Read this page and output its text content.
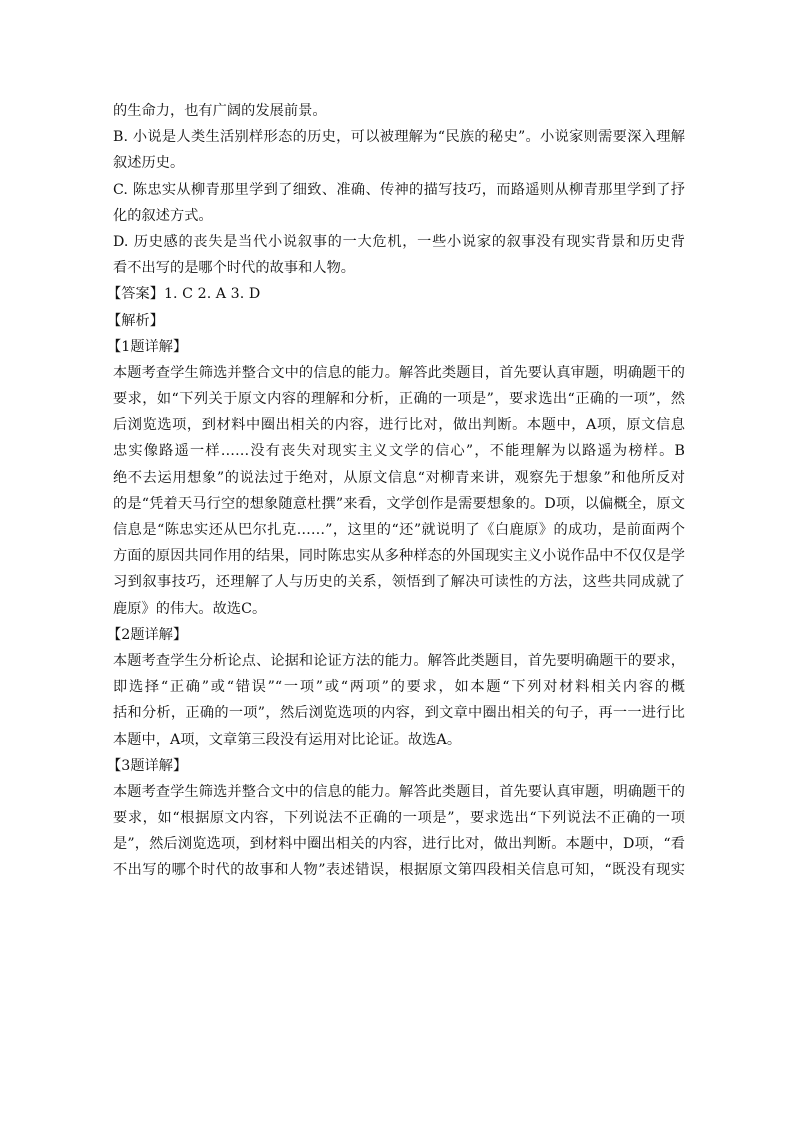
的生命力，也有广阔的发展前景。
B. 小说是人类生活别样形态的历史，可以被理解为“民族的秘史”。小说家则需要深入理解
叙述历史。
C. 陈忠实从柳青那里学到了细致、准确、传神的描写技巧，而路遥则从柳青那里学到了抒
化的叙述方式。
D. 历史感的丧失是当代小说叙事的一大危机，一些小说家的叙事没有现实背景和历史背
看不出写的是哪个时代的故事和人物。
【答案】1. C 2. A 3. D
【解析】
【1题详解】
本题考查学生筛选并整合文中的信息的能力。解答此类题目，首先要认真审题，明确题干的
要求，如“下列关于原文内容的理解和分析，正确的一项是”，要求选出“正确的一项”，然
后浏览选项，到材料中圈出相关的内容，进行比对，做出判断。本题中，A项，原文信息
忠实像路遥一样……没有丧失对现实主义文学的信心”，不能理解为以路遥为榜样。B
绝不去运用想象”的说法过于绝对，从原文信息“对柳青来讲，观察先于想象”和他所反对
的是“凭着天马行空的想象随意杜撰”来看，文学创作是需要想象的。D项，以偏概全，原文
信息是“陈忠实还从巴尔扎克……”，这里的“还”就说明了《白鹿原》的成功，是前面两个
方面的原因共同作用的结果，同时陈忠实从多种样态的外国现实主义小说作品中不仅仅是学
习到叙事技巧，还理解了人与历史的关系，领悟到了解决可读性的方法，这些共同成就了
鹿原》的伟大。故选C。
【2题详解】
本题考查学生分析论点、论据和论证方法的能力。解答此类题目，首先要明确题干的要求，
即选择“正确”或“错误”“一项”或“两项”的要求，如本题“下列对材料相关内容的概
括和分析，正确的一项”，然后浏览选项的内容，到文章中圈出相关的句子，再一一进行比
本题中，A项，文章第三段没有运用对比论证。故选A。
【3题详解】
本题考查学生筛选并整合文中的信息的能力。解答此类题目，首先要认真审题，明确题干的
要求，如“根据原文内容，下列说法不正确的一项是”，要求选出“下列说法不正确的一项
是”，然后浏览选项，到材料中圈出相关的内容，进行比对，做出判断。本题中，D项，“看
不出写的哪个时代的故事和人物”表述错误，根据原文第四段相关信息可知，“既没有现实
